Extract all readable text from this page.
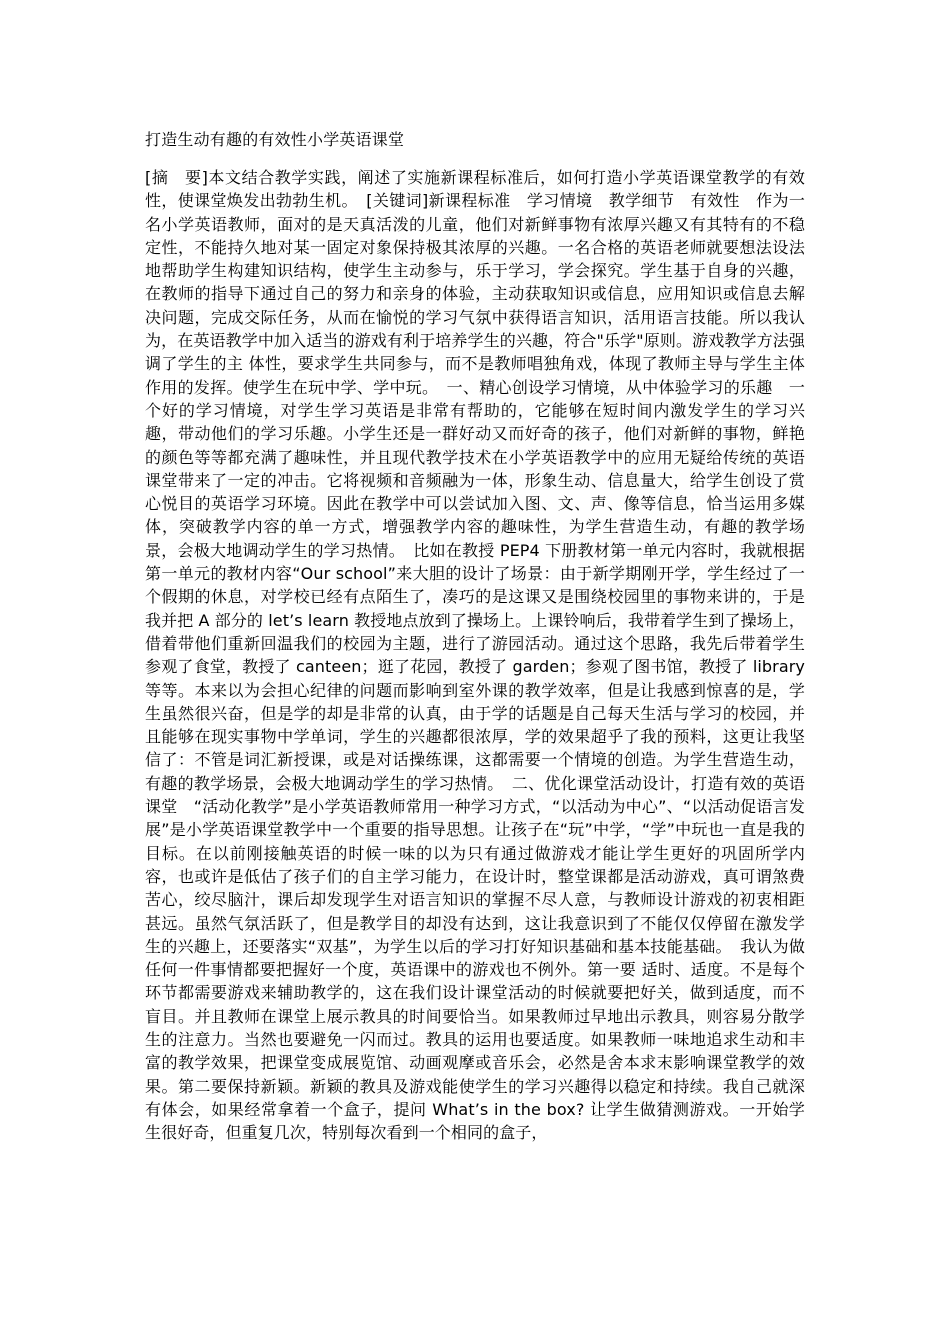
打造生动有趣的有效性小学英语课堂

[摘　要]本文结合教学实践，阐述了实施新课程标准后，如何打造小学英语课堂教学的有效性，使课堂焕发出勃勃生机。　[关键词]新课程标准　学习情境　教学细节　有效性　作为一名小学英语教师，面对的是天真活泼的儿童，他们对新鲜事物有浓厚兴趣又有其特有的不稳定性，不能持久地对某一固定对象保持极其浓厚的兴趣。一名合格的英语老师就要想法设法地帮助学生构建知识结构，使学生主动参与，乐于学习，学会探究。学生基于自身的兴趣，在教师的指导下通过自己的努力和亲身的体验，主动获取知识或信息，应用知识或信息去解决问题，完成交际任务，从而在愉悦的学习气氛中获得语言知识，活用语言技能。所以我认为，在英语教学中加入适当的游戏有利于培养学生的兴趣，符合"乐学"原则。游戏教学方法强调了学生的主 体性，要求学生共同参与，而不是教师唱独角戏，体现了教师主导与学生主体作用的发挥。使学生在玩中学、学中玩。　一、精心创设学习情境，从中体验学习的乐趣　一个好的学习情境，对学生学习英语是非常有帮助的，它能够在短时间内激发学生的学习兴趣，带动他们的学习乐趣。小学生还是一群好动又而好奇的孩子，他们对新鲜的事物，鲜艳的颜色等等都充满了趣味性，并且现代教学技术在小学英语教学中的应用无疑给传统的英语课堂带来了一定的冲击。它将视频和音频融为一体，形象生动、信息量大，给学生创设了赏心悦目的英语学习环境。因此在教学中可以尝试加入图、文、声、像等信息，恰当运用多媒体，突破教学内容的单一方式，增强教学内容的趣味性，为学生营造生动，有趣的教学场景，会极大地调动学生的学习热情。　比如在教授 PEP4 下册教材第一单元内容时，我就根据第一单元的教材内容“Our school”来大胆的设计了场景：由于新学期刚开学，学生经过了一个假期的休息，对学校已经有点陌生了，凑巧的是这课又是围绕校园里的事物来讲的，于是我并把 A 部分的 let’s learn 教授地点放到了操场上。上课铃响后，我带着学生到了操场上，借着带他们重新回温我们的校园为主题，进行了游园活动。通过这个思路，我先后带着学生参观了食堂，教授了 canteen；逛了花园，教授了 garden；参观了图书馆，教授了 library 等等。本来以为会担心纪律的问题而影响到室外课的教学效率，但是让我感到惊喜的是，学生虽然很兴奋，但是学的却是非常的认真，由于学的话题是自己每天生活与学习的校园，并且能够在现实事物中学单词，学生的兴趣都很浓厚，学的效果超乎了我的预料，这更让我坚信了：不管是词汇新授课，或是对话操练课，这都需要一个情境的创造。为学生营造生动，有趣的教学场景，会极大地调动学生的学习热情。　二、优化课堂活动设计，打造有效的英语课堂　“活动化教学”是小学英语教师常用一种学习方式，“以活动为中心”、“以活动促语言发展”是小学英语课堂教学中一个重要的指导思想。让孩子在“玩”中学，“学”中玩也一直是我的目标。在以前刚接触英语的时候一味的以为只有通过做游戏才能让学生更好的巩固所学内容，也或许是低估了孩子们的自主学习能力，在设计时，整堂课都是活动游戏，真可谓煞费苦心，绞尽脑汁，课后却发现学生对语言知识的掌握不尽人意，与教师设计游戏的初衷相距甚远。虽然气氛活跃了，但是教学目的却没有达到，这让我意识到了不能仅仅停留在激发学生的兴趣上，还要落实“双基”，为学生以后的学习打好知识基础和基本技能基础。　我认为做任何一件事情都要把握好一个度，英语课中的游戏也不例外。第一要 适时、适度。不是每个环节都需要游戏来辅助教学的，这在我们设计课堂活动的时候就要把好关，做到适度，而不盲目。并且教师在课堂上展示教具的时间要恰当。如果教师过早地出示教具，则容易分散学生的注意力。当然也要避免一闪而过。教具的运用也要适度。如果教师一味地追求生动和丰富的教学效果，把课堂变成展览馆、动画观摩或音乐会，必然是舍本求末影响课堂教学的效果。第二要保持新颖。新颖的教具及游戏能使学生的学习兴趣得以稳定和持续。我自己就深有体会，如果经常拿着一个盒子，提问 What’s in the box? 让学生做猜测游戏。一开始学生很好奇，但重复几次，特别每次看到一个相同的盒子，
